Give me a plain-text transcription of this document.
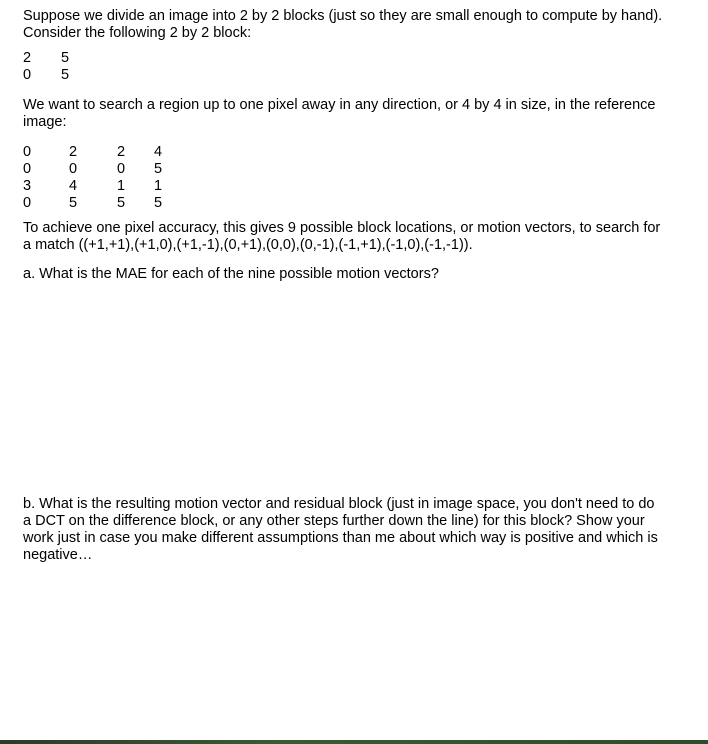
Suppose we divide an image into 2 by 2 blocks (just so they are small enough to compute by hand). Consider the following 2 by 2 block:

2	5
0	5

We want to search a region up to one pixel away in any direction, or 4 by 4 in size, in the reference image:

0	2	2	4
0	0	0	5
3	4	1	1
0	5	5	5

To achieve one pixel accuracy, this gives 9 possible block locations, or motion vectors, to search for a match ((+1,+1),(+1,0),(+1,-1),(0,+1),(0,0),(0,-1),(-1,+1),(-1,0),(-1,-1)).

a. What is the MAE for each of the nine possible motion vectors?

b. What is the resulting motion vector and residual block (just in image space, you don't need to do a DCT on the difference block, or any other steps further down the line) for this block? Show your work just in case you make different assumptions than me about which way is positive and which is negative…
